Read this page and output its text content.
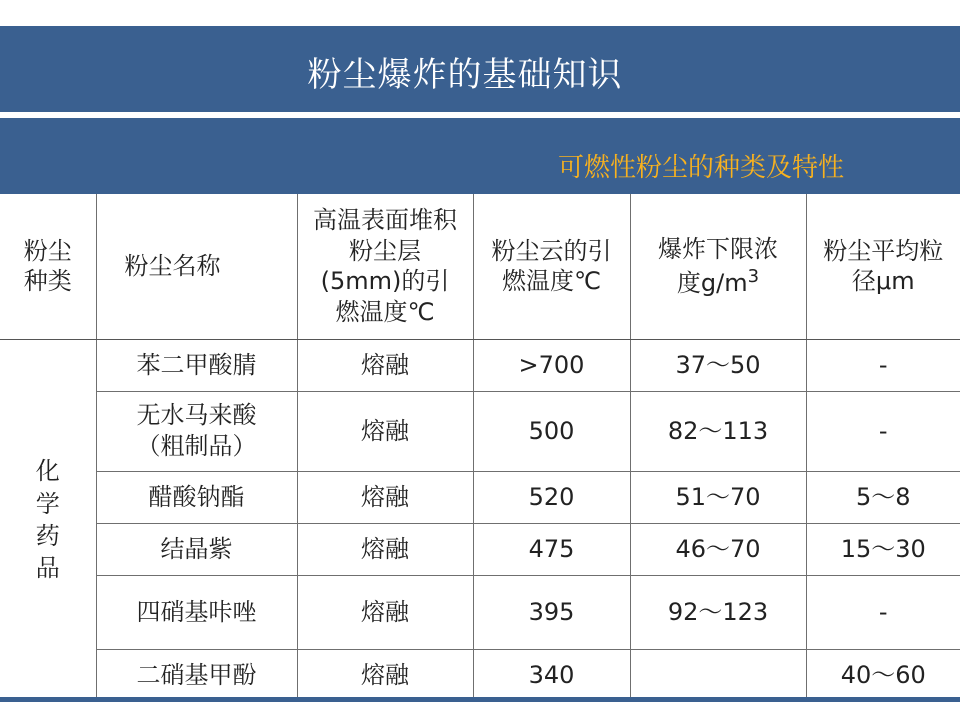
粉尘爆炸的基础知识
可燃性粉尘的种类及特性
粉尘种类	粉尘名称	高温表面堆积粉尘层(5mm)的引燃温度℃	粉尘云的引燃温度℃	爆炸下限浓度$g/m^3$	粉尘平均粒径μm

化学药品	苯二甲酸腈	熔融	>700	37～50	-

	无水马来酸（粗制品）	熔融	500	82～113	-
	醋酸钠酯	熔融	520	51～70	5～8
	结晶紫	熔融	475	46～70	15～30
	四硝基咔唑	熔融	395	92～123	-
	二硝基甲酚	熔融	340		40～60
